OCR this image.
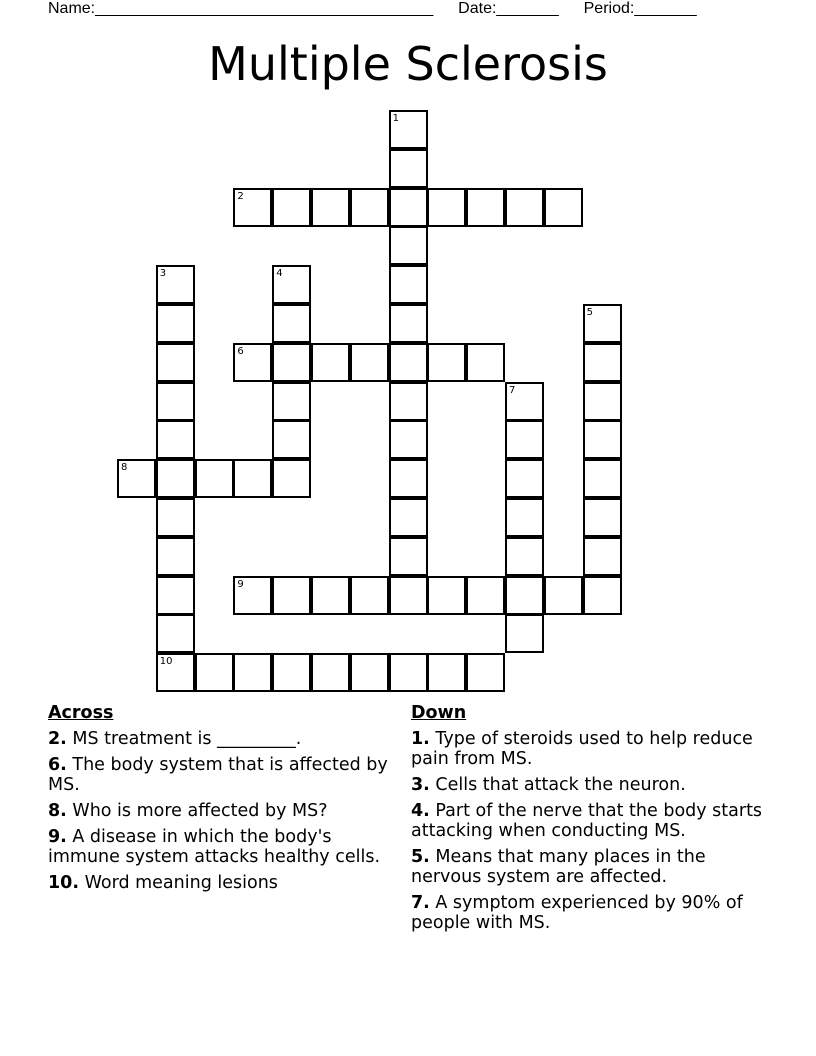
Name:______________________________________ Date:_______ Period:_______
Multiple Sclerosis
1
2
3
10
4
5
6
7
8
9
Across
2. MS treatment is _________.
6. The body system that is affected by MS.
8. Who is more affected by MS?
9. A disease in which the body's immune system attacks healthy cells.
10. Word meaning lesions
Down
1. Type of steroids used to help reduce pain from MS.
3. Cells that attack the neuron.
4. Part of the nerve that the body starts attacking when conducting MS.
5. Means that many places in the nervous system are affected.
7. A symptom experienced by 90% of people with MS.
